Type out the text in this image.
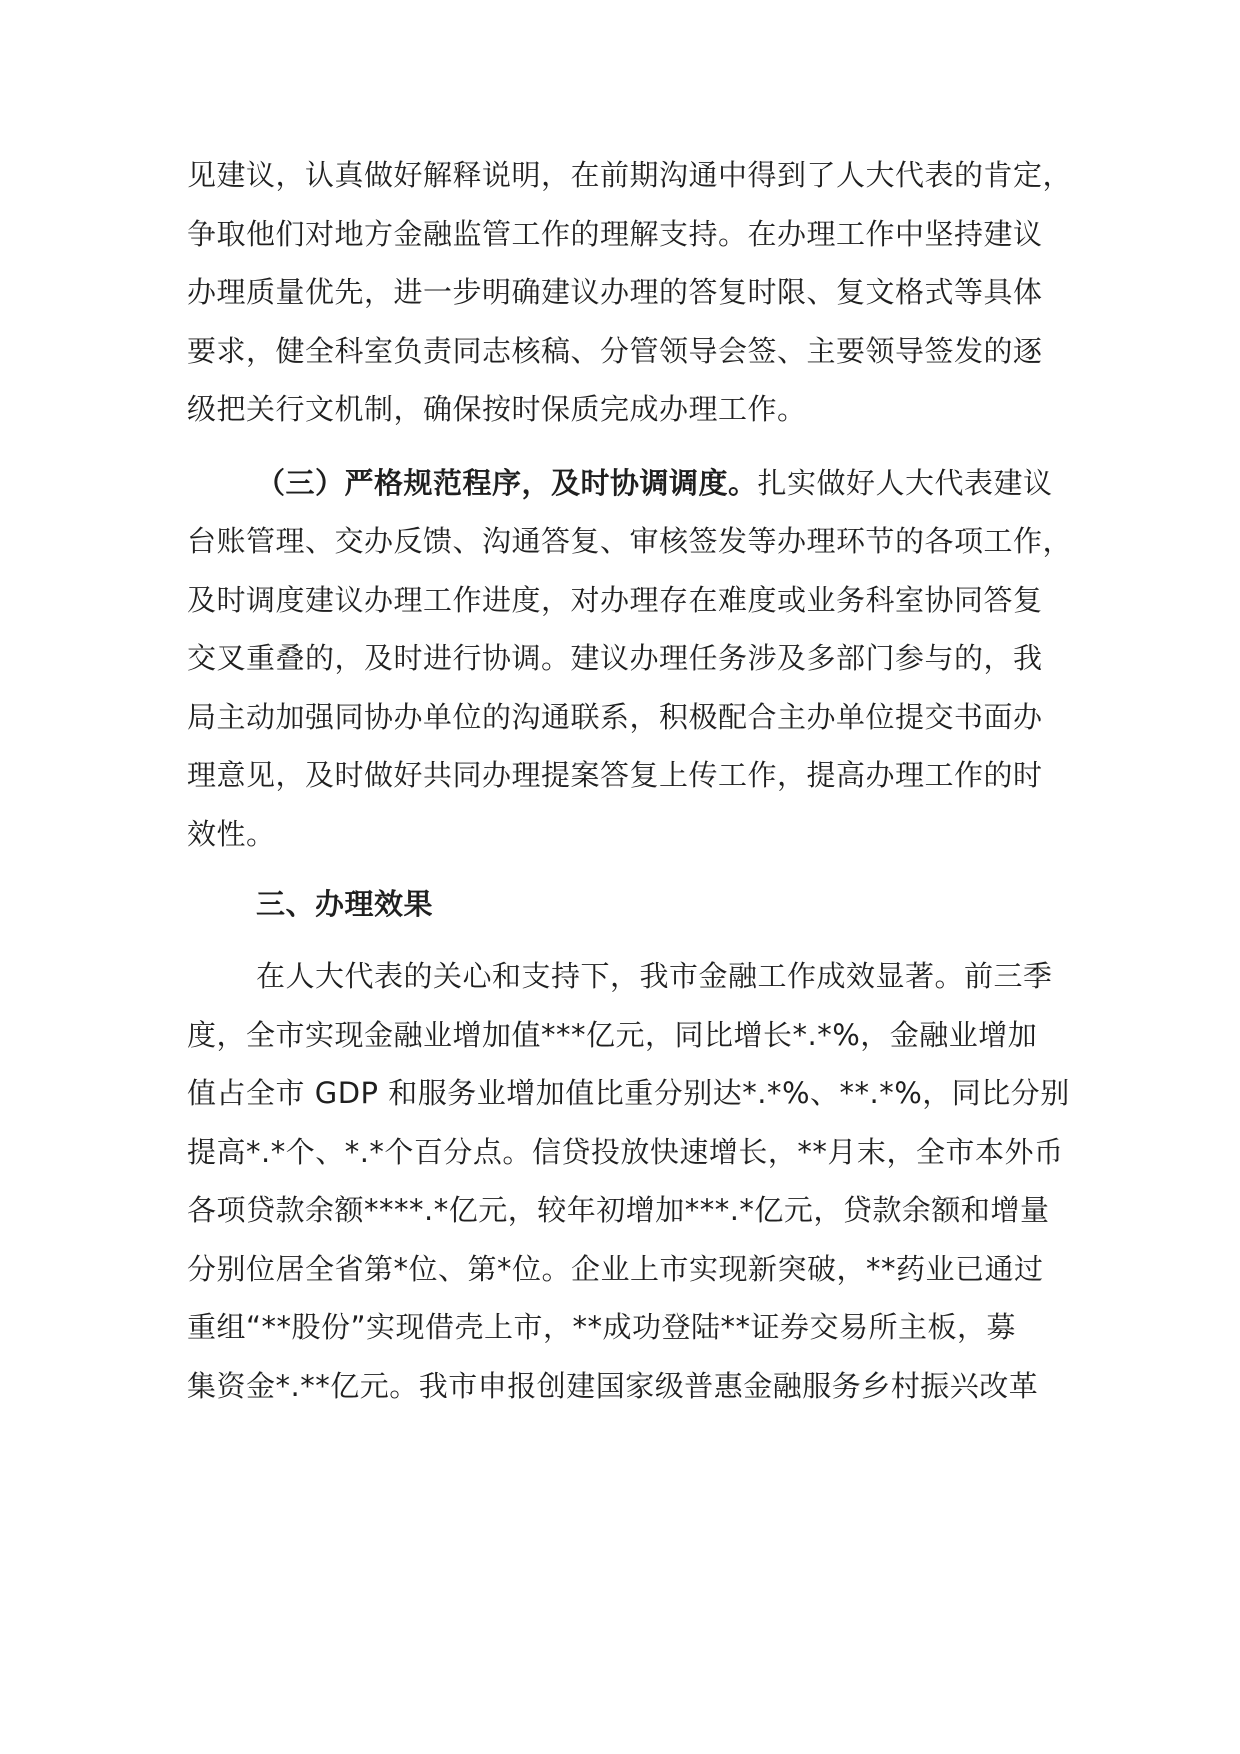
见建议，认真做好解释说明，在前期沟通中得到了人大代表的肯定，
争取他们对地方金融监管工作的理解支持。在办理工作中坚持建议
办理质量优先，进一步明确建议办理的答复时限、复文格式等具体
要求，健全科室负责同志核稿、分管领导会签、主要领导签发的逐
级把关行文机制，确保按时保质完成办理工作。
（三）严格规范程序，及时协调调度。扎实做好人大代表建议
台账管理、交办反馈、沟通答复、审核签发等办理环节的各项工作，
及时调度建议办理工作进度，对办理存在难度或业务科室协同答复
交叉重叠的，及时进行协调。建议办理任务涉及多部门参与的，我
局主动加强同协办单位的沟通联系，积极配合主办单位提交书面办
理意见，及时做好共同办理提案答复上传工作，提高办理工作的时
效性。
三、办理效果
在人大代表的关心和支持下，我市金融工作成效显著。前三季
度，全市实现金融业增加值***亿元，同比增长*.*%，金融业增加
值占全市 GDP 和服务业增加值比重分别达*.*%、**.*%，同比分别
提高*.*个、*.*个百分点。信贷投放快速增长，**月末，全市本外币
各项贷款余额****.*亿元，较年初增加***.*亿元，贷款余额和增量
分别位居全省第*位、第*位。企业上市实现新突破，**药业已通过
重组“**股份”实现借壳上市，**成功登陆**证券交易所主板，募
集资金*.**亿元。我市申报创建国家级普惠金融服务乡村振兴改革
